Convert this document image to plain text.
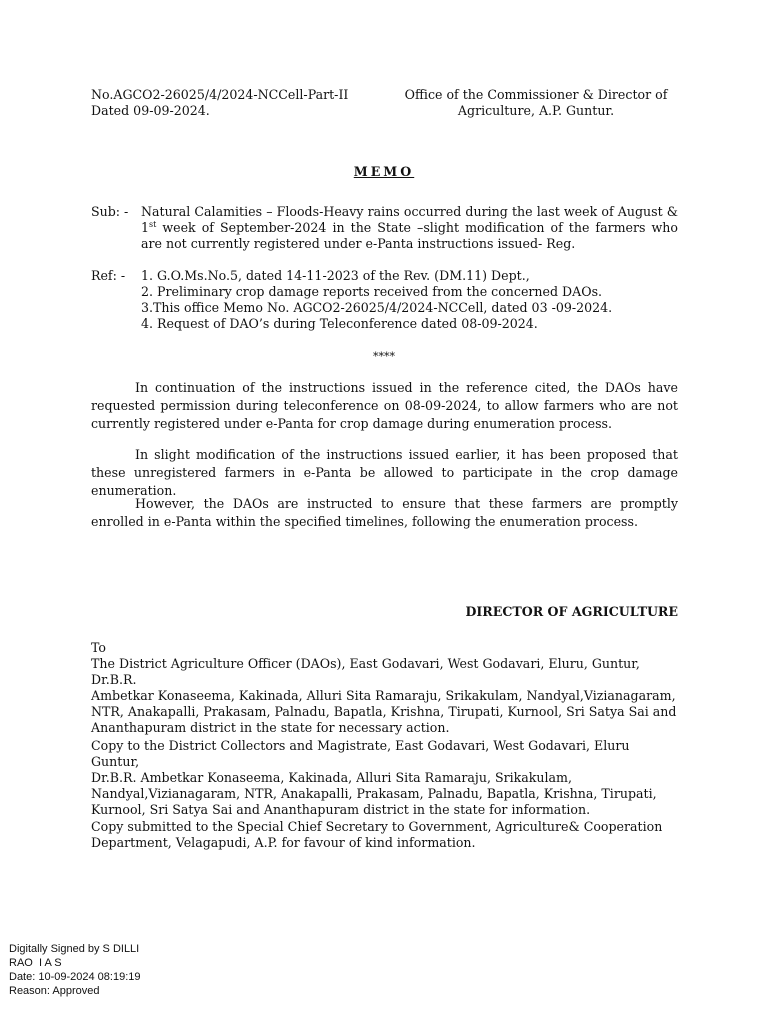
No.AGCO2-26025/4/2024-NCCell-Part-II
Dated 09-09-2024.
Office of the Commissioner & Director of
Agriculture, A.P. Guntur.
MEMO
Sub: -	Natural Calamities – Floods-Heavy rains occurred during the last week of August & 1st week of September-2024 in the State –slight modification of the farmers who are not currently registered under e-Panta instructions issued- Reg.
Ref: -	1. G.O.Ms.No.5, dated 14-11-2023 of the Rev. (DM.11) Dept.,
2. Preliminary crop damage reports received from the concerned DAOs.
3.This office Memo No. AGCO2-26025/4/2024-NCCell, dated 03 -09-2024.
4. Request of DAO’s during Teleconference dated 08-09-2024.
****
In continuation of the instructions issued in the reference cited, the DAOs have requested permission during teleconference on 08-09-2024, to allow farmers who are not currently registered under e-Panta for crop damage during enumeration process.
In slight modification of the instructions issued earlier, it has been proposed that these unregistered farmers in e-Panta be allowed to participate in the crop damage enumeration.
However, the DAOs are instructed to ensure that these farmers are promptly enrolled in e-Panta within the specified timelines, following the enumeration process.
DIRECTOR OF AGRICULTURE
To
The District Agriculture Officer (DAOs), East Godavari, West Godavari, Eluru, Guntur, Dr.B.R.
Ambetkar Konaseema, Kakinada, Alluri Sita Ramaraju, Srikakulam, Nandyal,Vizianagaram,
NTR, Anakapalli, Prakasam, Palnadu, Bapatla, Krishna, Tirupati, Kurnool, Sri Satya Sai and
Ananthapuram district in the state for necessary action.
Copy to the District Collectors and Magistrate, East Godavari, West Godavari, Eluru Guntur,
Dr.B.R. Ambetkar Konaseema, Kakinada, Alluri Sita Ramaraju, Srikakulam,
Nandyal,Vizianagaram, NTR, Anakapalli, Prakasam, Palnadu, Bapatla, Krishna, Tirupati,
Kurnool, Sri Satya Sai and Ananthapuram district in the state for information.
Copy submitted to the Special Chief Secretary to Government, Agriculture& Cooperation
Department, Velagapudi, A.P. for favour of kind information.
Digitally Signed by S DILLI
RAO  I A S
Date: 10-09-2024 08:19:19
Reason: Approved
